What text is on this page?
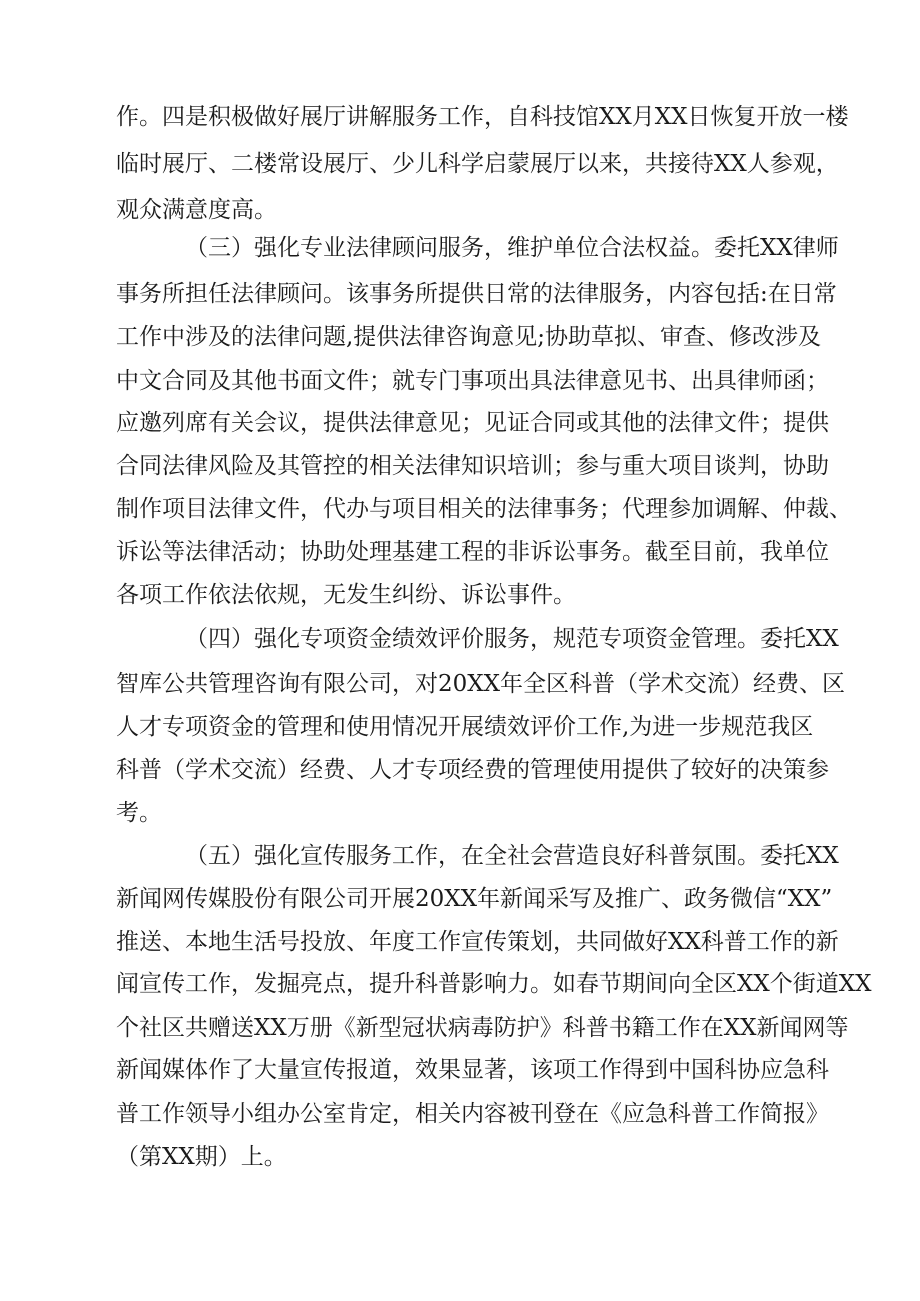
作。四是积极做好展厅讲解服务工作，自科技馆XX月XX日恢复开放一楼

临时展厅、二楼常设展厅、少儿科学启蒙展厅以来，共接待XX人参观，

观众满意度高。

（三）强化专业法律顾问服务，维护单位合法权益。委托XX律师

事务所担任法律顾问。该事务所提供日常的法律服务，内容包括:在日常

工作中涉及的法律问题,提供法律咨询意见;协助草拟、审查、修改涉及

中文合同及其他书面文件；就专门事项出具法律意见书、出具律师函；

应邀列席有关会议，提供法律意见；见证合同或其他的法律文件；提供

合同法律风险及其管控的相关法律知识培训；参与重大项目谈判，协助

制作项目法律文件，代办与项目相关的法律事务；代理参加调解、仲裁、

诉讼等法律活动；协助处理基建工程的非诉讼事务。截至目前，我单位

各项工作依法依规，无发生纠纷、诉讼事件。

（四）强化专项资金绩效评价服务，规范专项资金管理。委托XX

智库公共管理咨询有限公司，对20XX年全区科普（学术交流）经费、区

人才专项资金的管理和使用情况开展绩效评价工作,为进一步规范我区

科普（学术交流）经费、人才专项经费的管理使用提供了较好的决策参

考。

（五）强化宣传服务工作，在全社会营造良好科普氛围。委托XX

新闻网传媒股份有限公司开展20XX年新闻采写及推广、政务微信“XX”

推送、本地生活号投放、年度工作宣传策划，共同做好XX科普工作的新

闻宣传工作，发掘亮点，提升科普影响力。如春节期间向全区XX个街道XX

个社区共赠送XX万册《新型冠状病毒防护》科普书籍工作在XX新闻网等

新闻媒体作了大量宣传报道，效果显著，该项工作得到中国科协应急科

普工作领导小组办公室肯定，相关内容被刊登在《应急科普工作简报》

（第XX期）上。
